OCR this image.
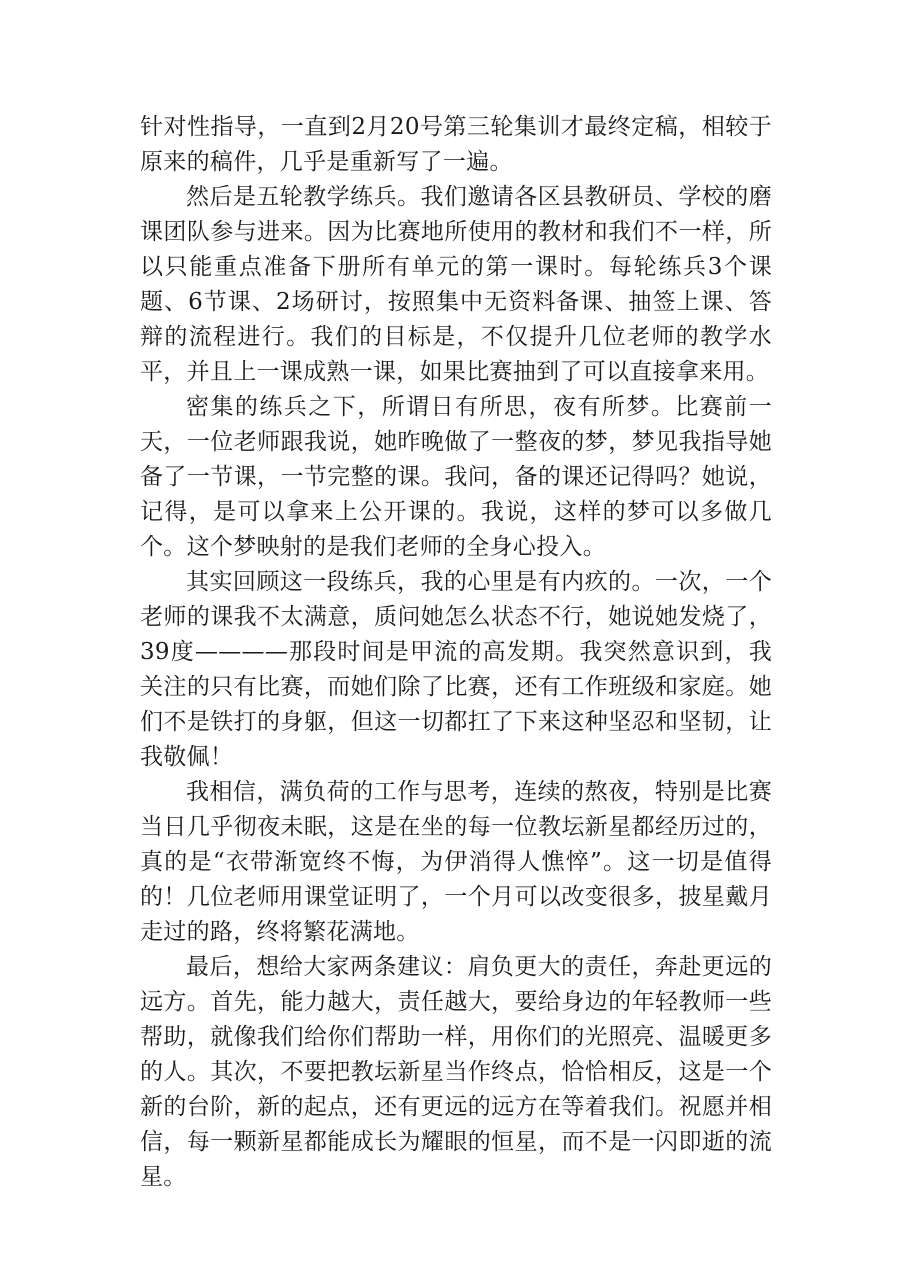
针对性指导，一直到2月20号第三轮集训才最终定稿，相较于原来的稿件，几乎是重新写了一遍。

然后是五轮教学练兵。我们邀请各区县教研员、学校的磨课团队参与进来。因为比赛地所使用的教材和我们不一样，所以只能重点准备下册所有单元的第一课时。每轮练兵3个课题、6节课、2场研讨，按照集中无资料备课、抽签上课、答辩的流程进行。我们的目标是，不仅提升几位老师的教学水平，并且上一课成熟一课，如果比赛抽到了可以直接拿来用。

密集的练兵之下，所谓日有所思，夜有所梦。比赛前一天，一位老师跟我说，她昨晚做了一整夜的梦，梦见我指导她备了一节课，一节完整的课。我问，备的课还记得吗？她说，记得，是可以拿来上公开课的。我说，这样的梦可以多做几个。这个梦映射的是我们老师的全身心投入。

其实回顾这一段练兵，我的心里是有内疚的。一次，一个老师的课我不太满意，质问她怎么状态不行，她说她发烧了，39度————那段时间是甲流的高发期。我突然意识到，我关注的只有比赛，而她们除了比赛，还有工作班级和家庭。她们不是铁打的身躯，但这一切都扛了下来这种坚忍和坚韧，让我敬佩！

我相信，满负荷的工作与思考，连续的熬夜，特别是比赛当日几乎彻夜未眠，这是在坐的每一位教坛新星都经历过的，真的是“衣带渐宽终不悔，为伊消得人憔悴”。这一切是值得的！几位老师用课堂证明了，一个月可以改变很多，披星戴月走过的路，终将繁花满地。

最后，想给大家两条建议：肩负更大的责任，奔赴更远的远方。首先，能力越大，责任越大，要给身边的年轻教师一些帮助，就像我们给你们帮助一样，用你们的光照亮、温暖更多的人。其次，不要把教坛新星当作终点，恰恰相反，这是一个新的台阶，新的起点，还有更远的远方在等着我们。祝愿并相信，每一颗新星都能成长为耀眼的恒星，而不是一闪即逝的流星。
